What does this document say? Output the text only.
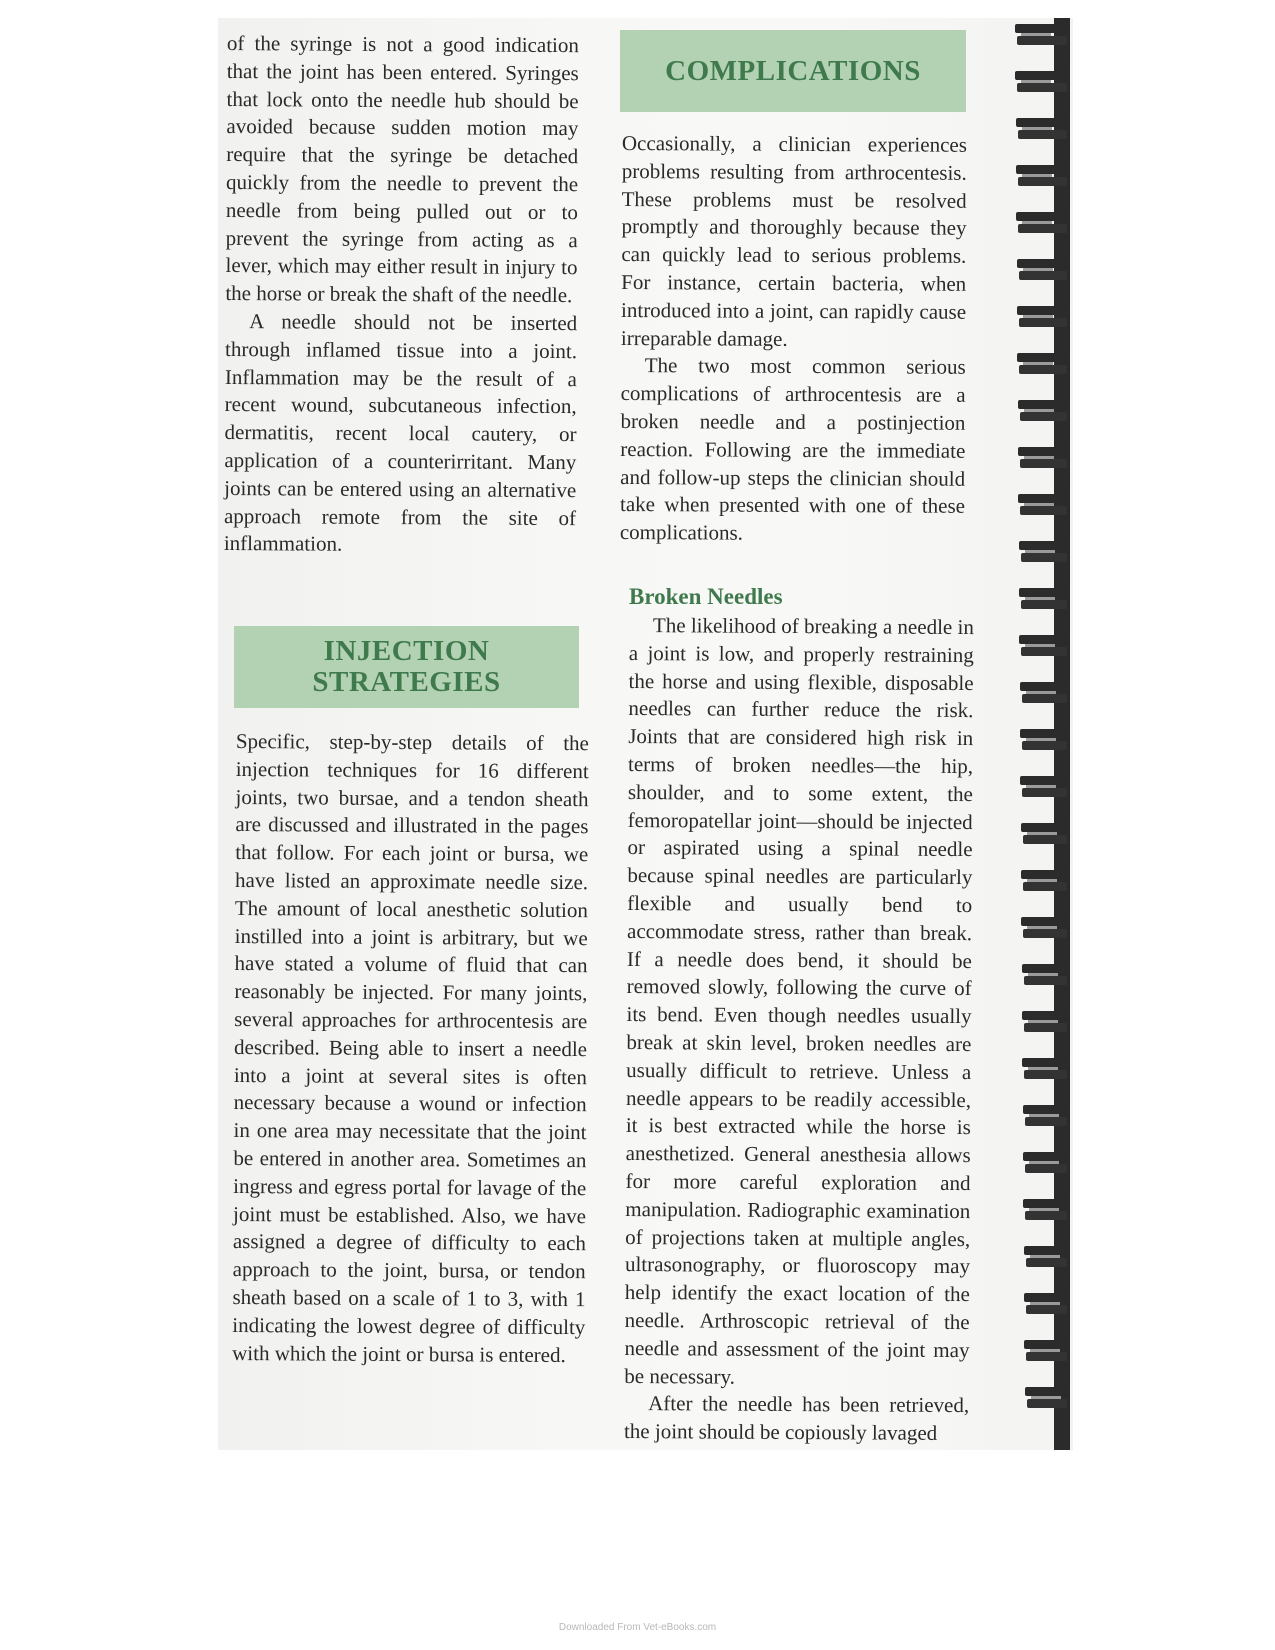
of the syringe is not a good indication that the joint has been entered. Syringes that lock onto the needle hub should be avoided because sudden motion may require that the syringe be detached quickly from the needle to prevent the needle from being pulled out or to prevent the syringe from acting as a lever, which may either result in injury to the horse or break the shaft of the needle.

A needle should not be inserted through inflamed tissue into a joint. Inflammation may be the result of a recent wound, subcutaneous infection, dermatitis, recent local cautery, or application of a counterirritant. Many joints can be entered using an alternative approach remote from the site of inflammation.

INJECTION
STRATEGIES

Specific, step-by-step details of the injection techniques for 16 different joints, two bursae, and a tendon sheath are discussed and illustrated in the pages that follow. For each joint or bursa, we have listed an approximate needle size. The amount of local anesthetic solution instilled into a joint is arbitrary, but we have stated a volume of fluid that can reasonably be injected. For many joints, several approaches for arthrocentesis are described. Being able to insert a needle into a joint at several sites is often necessary because a wound or infection in one area may necessitate that the joint be entered in another area. Sometimes an ingress and egress portal for lavage of the joint must be established. Also, we have assigned a degree of difficulty to each approach to the joint, bursa, or tendon sheath based on a scale of 1 to 3, with 1 indicating the lowest degree of difficulty with which the joint or bursa is entered.

COMPLICATIONS

Occasionally, a clinician experiences problems resulting from arthrocentesis. These problems must be resolved promptly and thoroughly because they can quickly lead to serious problems. For instance, certain bacteria, when introduced into a joint, can rapidly cause irreparable damage.

The two most common serious complications of arthrocentesis are a broken needle and a postinjection reaction. Following are the immediate and follow-up steps the clinician should take when presented with one of these complications.

Broken Needles

The likelihood of breaking a needle in a joint is low, and properly restraining the horse and using flexible, disposable needles can further reduce the risk. Joints that are considered high risk in terms of broken needles—the hip, shoulder, and to some extent, the femoropatellar joint—should be injected or aspirated using a spinal needle because spinal needles are particularly flexible and usually bend to accommodate stress, rather than break. If a needle does bend, it should be removed slowly, following the curve of its bend. Even though needles usually break at skin level, broken needles are usually difficult to retrieve. Unless a needle appears to be readily accessible, it is best extracted while the horse is anesthetized. General anesthesia allows for more careful exploration and manipulation. Radiographic examination of projections taken at multiple angles, ultrasonography, or fluoroscopy may help identify the exact location of the needle. Arthroscopic retrieval of the needle and assessment of the joint may be necessary.

After the needle has been retrieved, the joint should be copiously lavaged

Downloaded From Vet-eBooks.com
